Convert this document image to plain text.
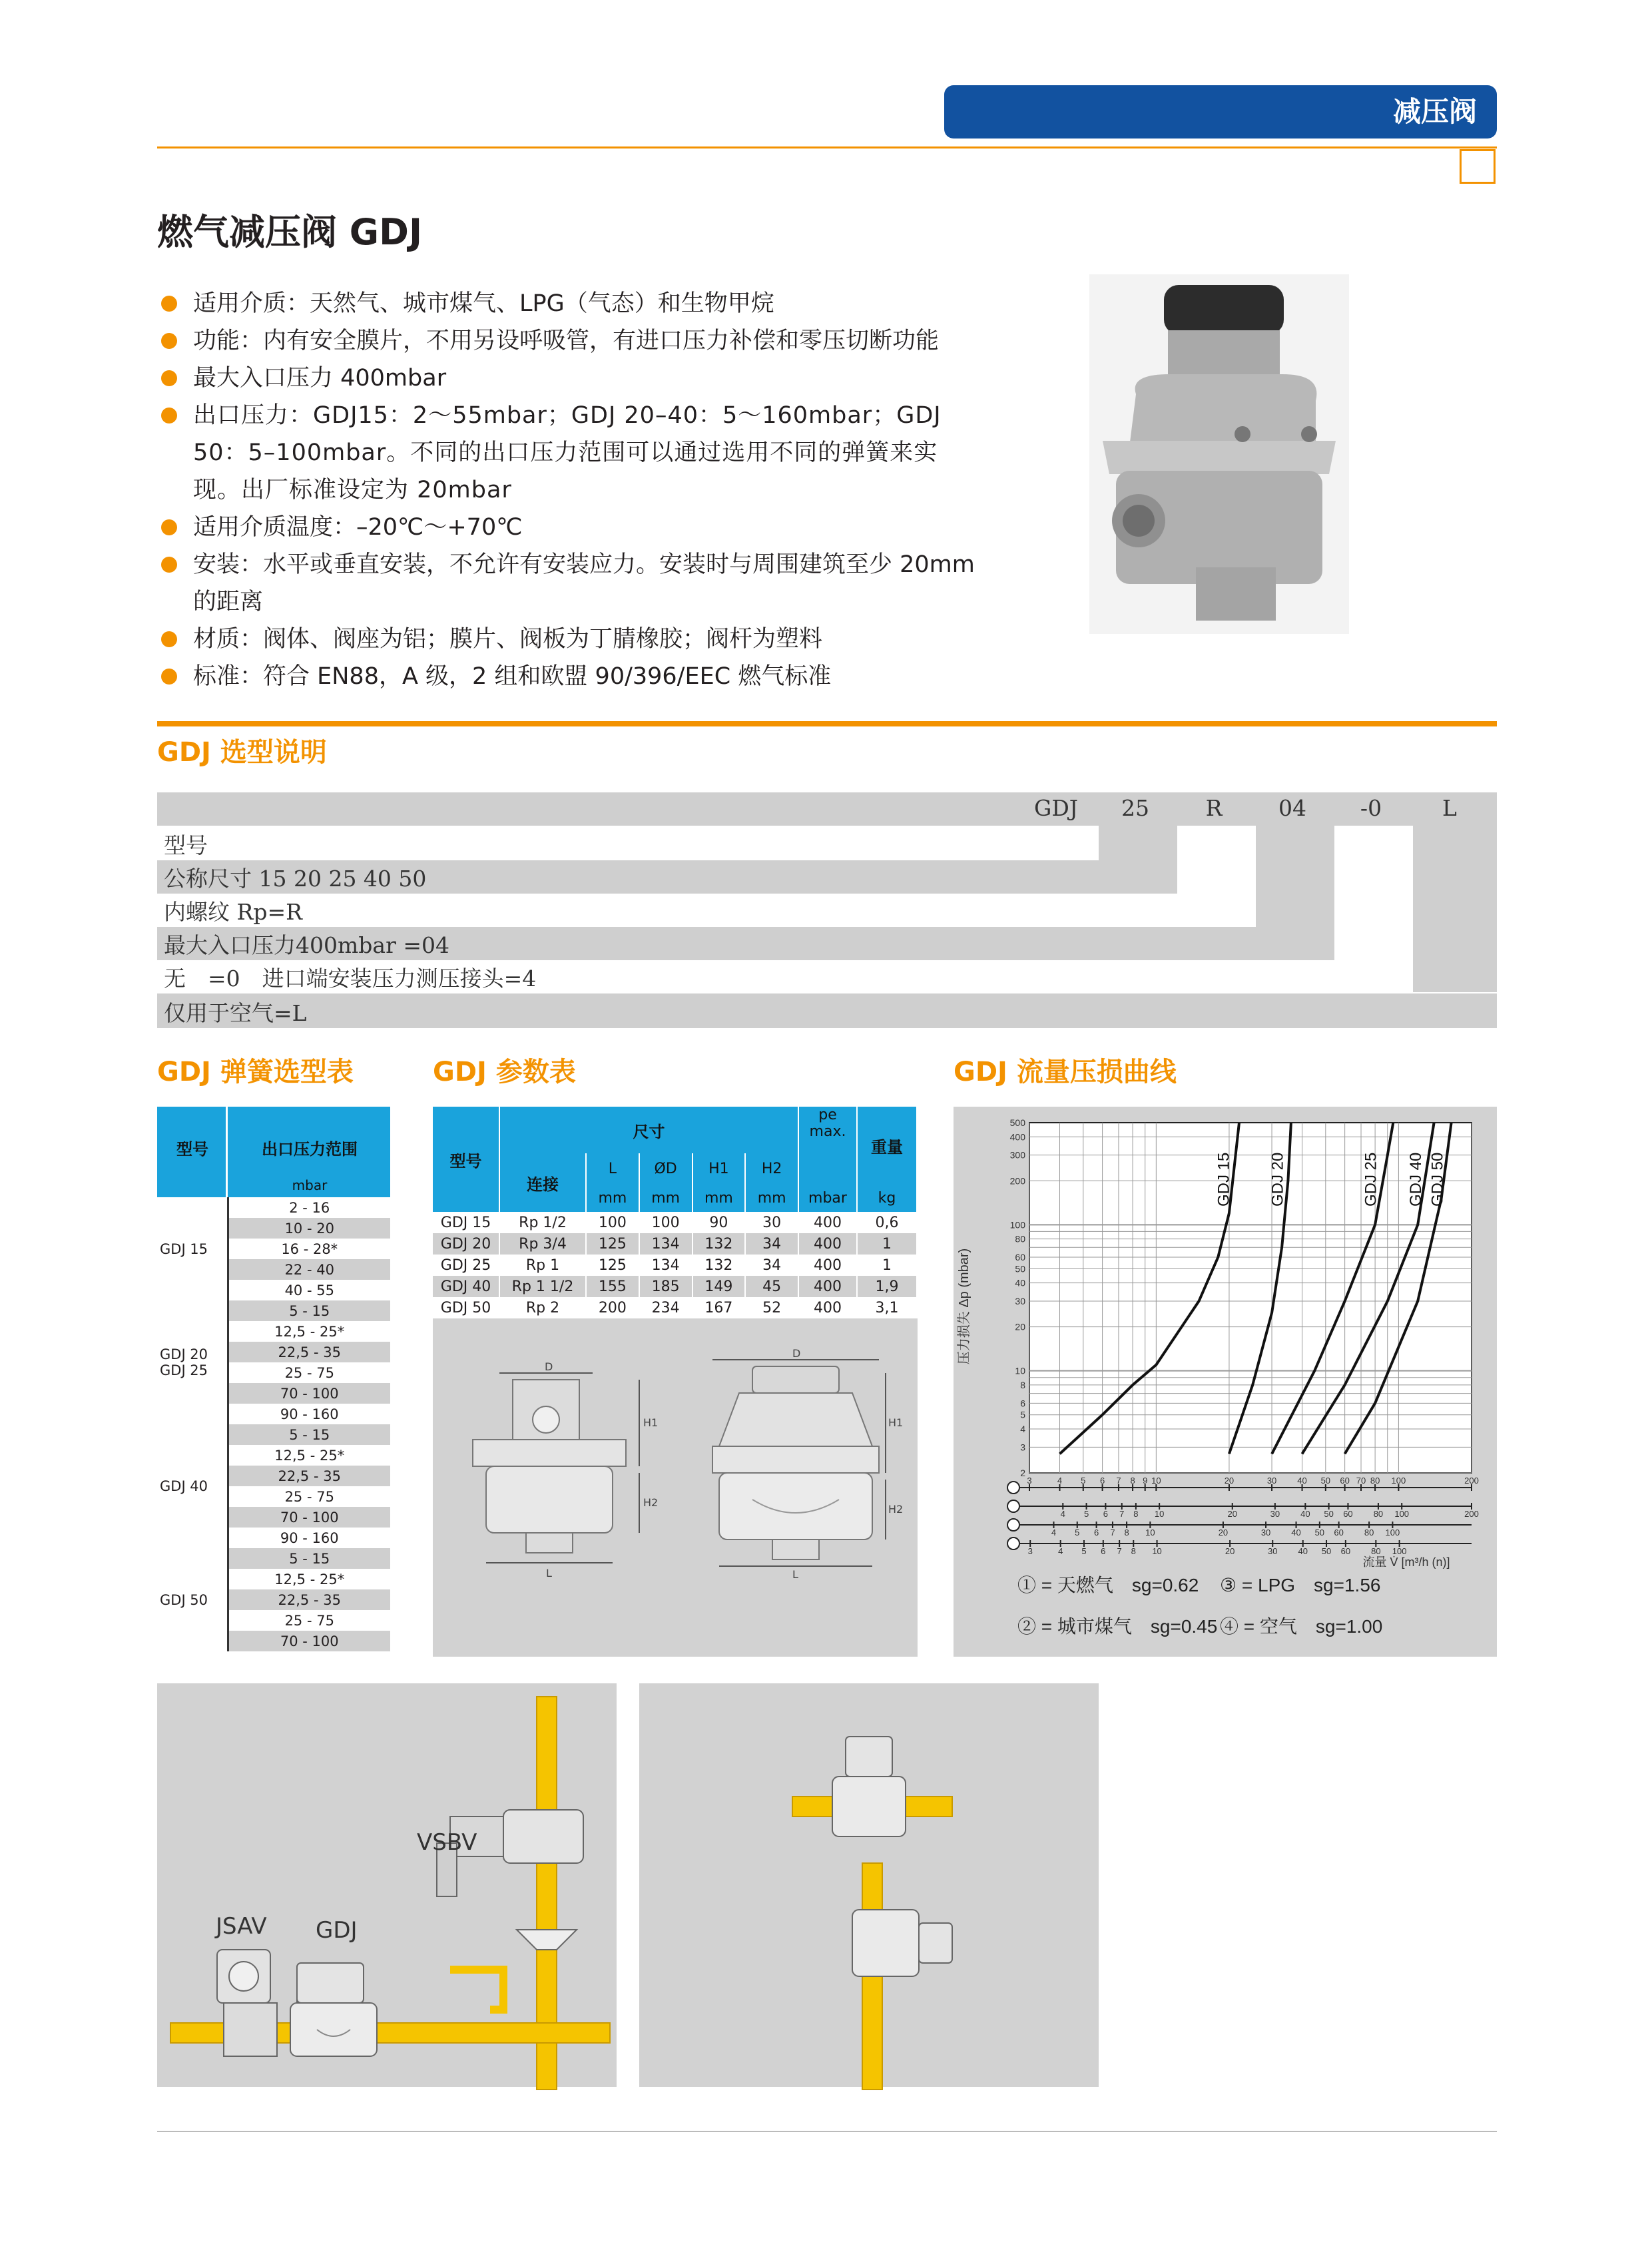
减压阀
燃气减压阀 GDJ
适用介质：天然气、城市煤气、LPG（气态）和生物甲烷
功能：内有安全膜片，不用另设呼吸管，有进口压力补偿和零压切断功能
最大入口压力 400mbar
出口压力：GDJ15：2～55mbar；GDJ 20–40：5～160mbar；GDJ 50：5–100mbar。不同的出口压力范围可以通过选用不同的弹簧来实现。出厂标准设定为 20mbar
适用介质温度：–20℃～+70℃
安装：水平或垂直安装，不允许有安装应力。安装时与周围建筑至少 20mm 的距离
材质：阀体、阀座为铝；膜片、阀板为丁腈橡胶；阀杆为塑料
标准：符合 EN88，A 级，2 组和欧盟 90/396/EEC 燃气标准
GDJ 选型说明
GDJ	25	R	04	-0	L
型号
公称尺寸 15 20 25 40 50
内螺纹 Rp=R
最大入口压力400mbar =04
无　=0　进口端安装压力测压接头=4
仅用于空气=L
GDJ 弹簧选型表
型号	出口压力范围
mbar
GDJ 15	2 - 16
	10 - 20
	16 - 28*
	22 - 40
	40 - 55
GDJ 20
GDJ 25	5 - 15
	12,5 - 25*
	22,5 - 35
	25 - 75
	70 - 100
	90 - 160
GDJ 40	5 - 15
	12,5 - 25*
	22,5 - 35
	25 - 75
	70 - 100
	90 - 160
GDJ 50	5 - 15
	12,5 - 25*
	22,5 - 35
	25 - 75
	70 - 100
GDJ 参数表
型号	尺寸					pe max.	重量
	连接	L	ØD	H1	H2		
		mm	mm	mm	mm	mbar	kg
GDJ 15	Rp 1/2	100	100	90	30	400	0,6
GDJ 20	Rp 3/4	125	134	132	34	400	1
GDJ 25	Rp 1	125	134	132	34	400	1
GDJ 40	Rp 1 1/2	155	185	149	45	400	1,9
GDJ 50	Rp 2	200	234	167	52	400	3,1
D
H1
H2
L
D
H1
H2
L
GDJ 流量压损曲线
500
400
300
200
100
80
60
50
40
30
20
10
8
6
5
4
3
2
GDJ 15 GDJ 20	GDJ 25 GDJ 40 GDJ 50
3	4 5 6 7 8 9 10	20	30 40 50 60 70 80 100	200
4 5 6 7 8 10	20	30 40 50 60 80 100	200
4 5 6 7 8 10	20	30 40 50 60 80 100
3	4 5 6 7 8 10	20	30 40 50 60 80 100
压力损失 Δp (mbar)
流量 V̇ [m³/h (n)]
① = 天燃气　sg=0.62 ③ = LPG　sg=1.56
② = 城市煤气　sg=0.45 ④ = 空气　sg=1.00
VSBV
JSAV GDJ
